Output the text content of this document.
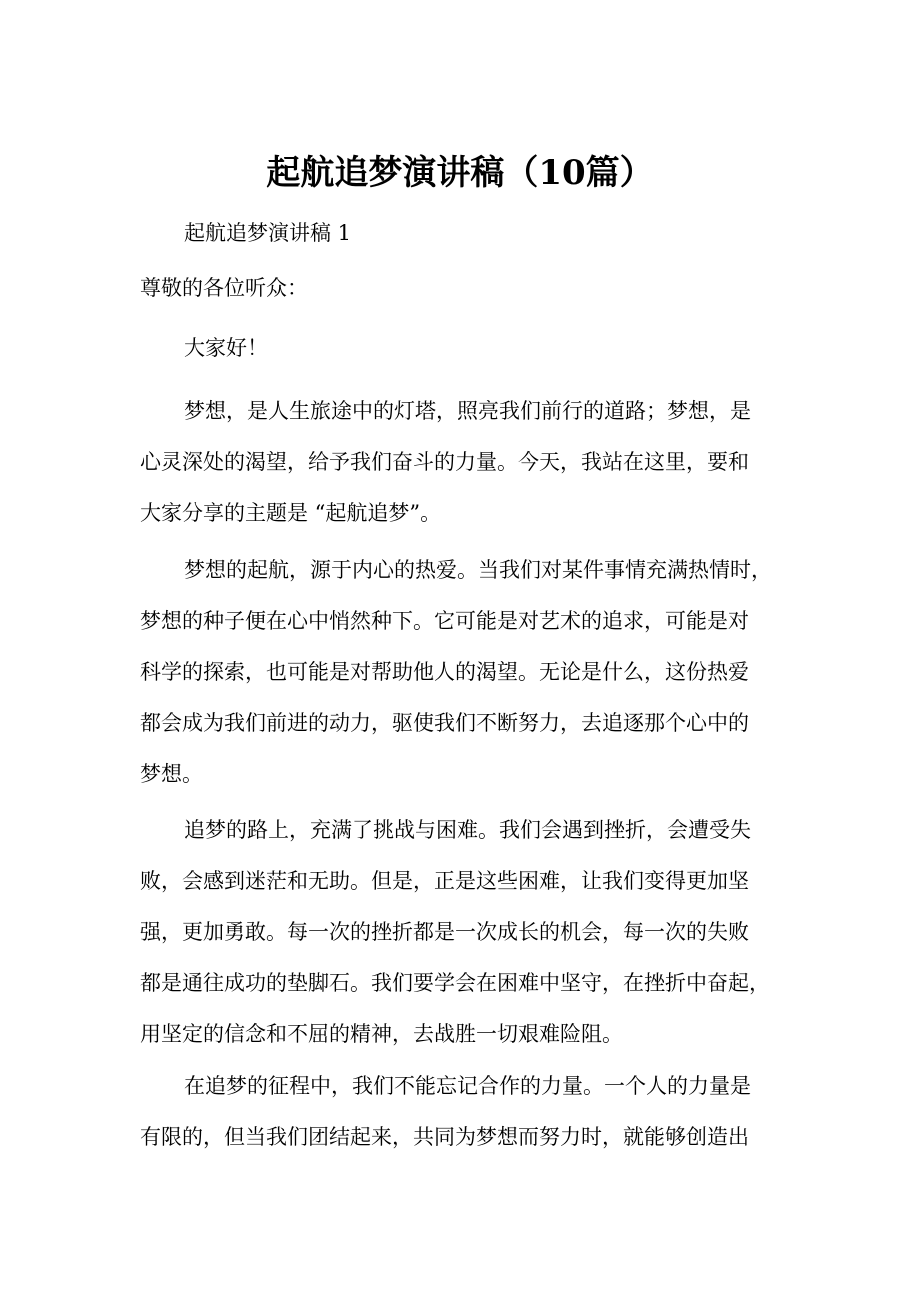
起航追梦演讲稿（10篇）

起航追梦演讲稿 1

尊敬的各位听众：

大家好！

梦想，是人生旅途中的灯塔，照亮我们前行的道路；梦想，是
心灵深处的渴望，给予我们奋斗的力量。今天，我站在这里，要和
大家分享的主题是 “起航追梦”。

梦想的起航，源于内心的热爱。当我们对某件事情充满热情时，
梦想的种子便在心中悄然种下。它可能是对艺术的追求，可能是对
科学的探索，也可能是对帮助他人的渴望。无论是什么，这份热爱
都会成为我们前进的动力，驱使我们不断努力，去追逐那个心中的
梦想。

追梦的路上，充满了挑战与困难。我们会遇到挫折，会遭受失
败，会感到迷茫和无助。但是，正是这些困难，让我们变得更加坚
强，更加勇敢。每一次的挫折都是一次成长的机会，每一次的失败
都是通往成功的垫脚石。我们要学会在困难中坚守，在挫折中奋起，
用坚定的信念和不屈的精神，去战胜一切艰难险阻。

在追梦的征程中，我们不能忘记合作的力量。一个人的力量是
有限的，但当我们团结起来，共同为梦想而努力时，就能够创造出
